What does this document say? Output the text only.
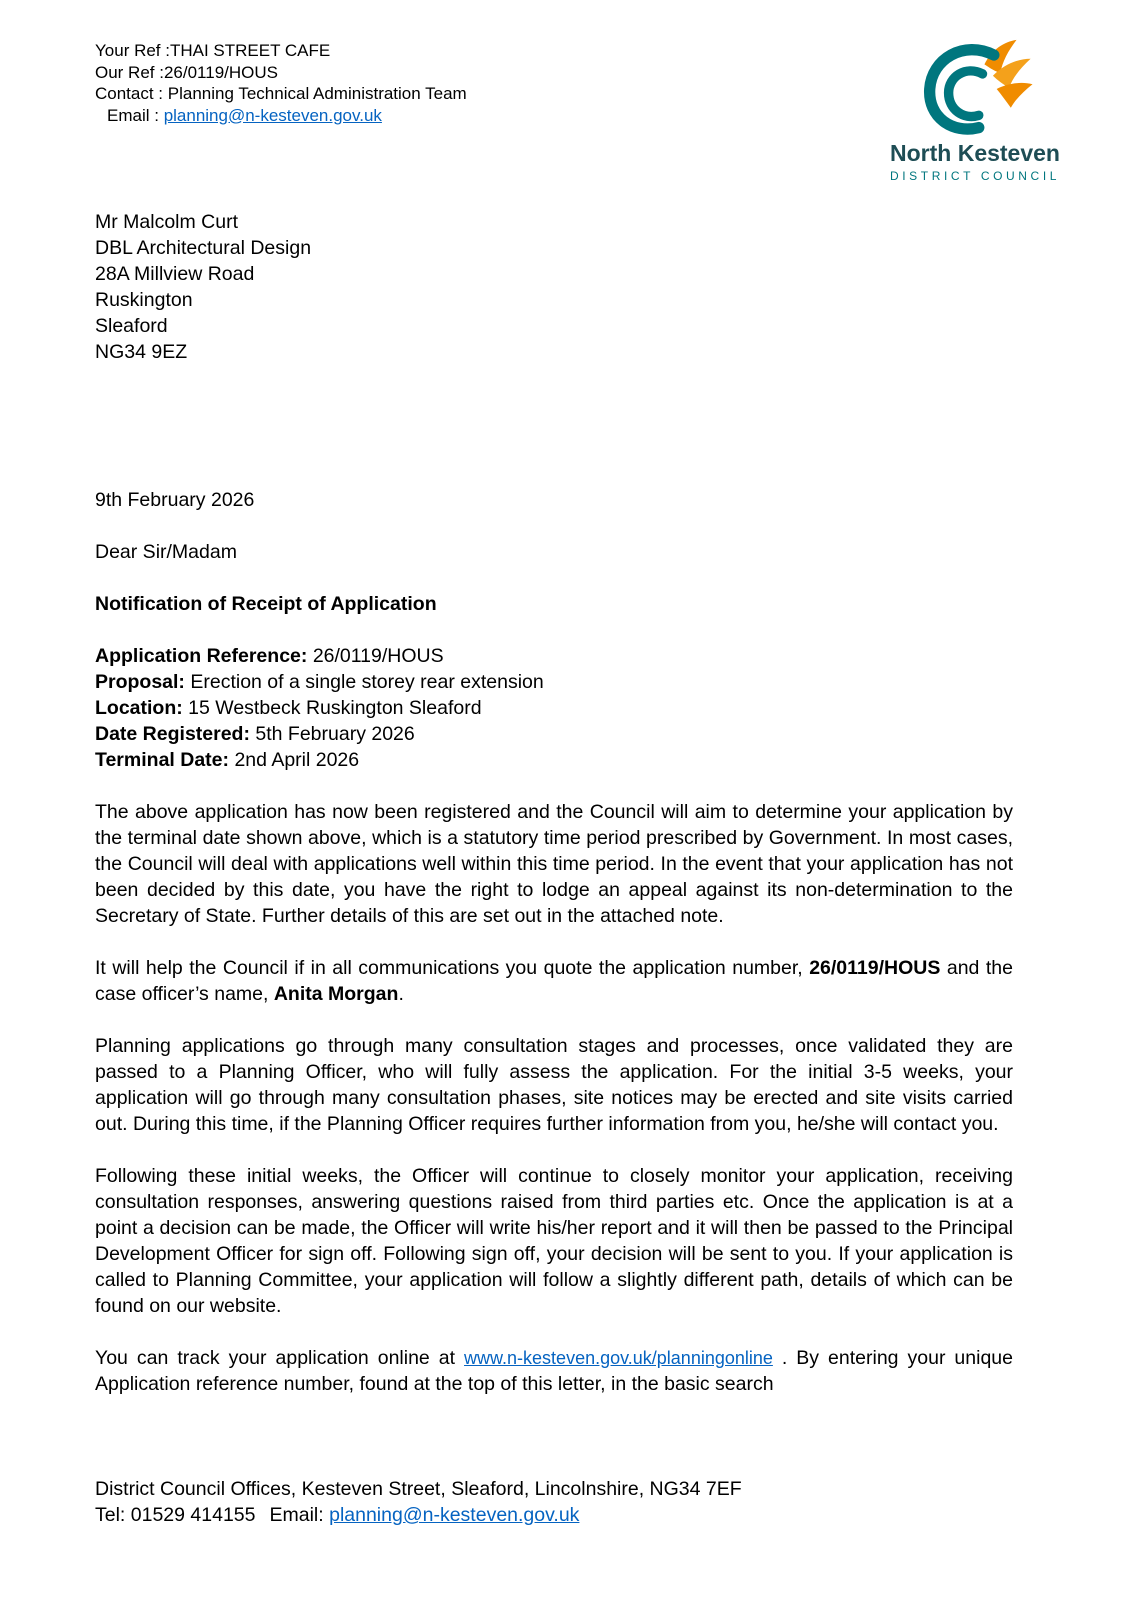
Your Ref :THAI STREET CAFE
Our Ref :26/0119/HOUS
Contact : Planning Technical Administration Team
Email : planning@n-kesteven.gov.uk
North Kesteven
DISTRICT COUNCIL
Mr Malcolm Curt
DBL Architectural Design
28A Millview Road
Ruskington
Sleaford
NG34 9EZ
9th February 2026
Dear Sir/Madam
Notification of Receipt of Application
Application Reference: 26/0119/HOUS
Proposal: Erection of a single storey rear extension
Location: 15 Westbeck Ruskington Sleaford
Date Registered: 5th February 2026
Terminal Date: 2nd April 2026

The above application has now been registered and the Council will aim to determine your application by the terminal date shown above, which is a statutory time period prescribed by Government. In most cases, the Council will deal with applications well within this time period. In the event that your application has not been decided by this date, you have the right to lodge an appeal against its non-determination to the Secretary of State. Further details of this are set out in the attached note.

It will help the Council if in all communications you quote the application number, 26/0119/HOUS and the case officer’s name, Anita Morgan.

Planning applications go through many consultation stages and processes, once validated they are passed to a Planning Officer, who will fully assess the application. For the initial 3-5 weeks, your application will go through many consultation phases, site notices may be erected and site visits carried out. During this time, if the Planning Officer requires further information from you, he/she will contact you.

Following these initial weeks, the Officer will continue to closely monitor your application, receiving consultation responses, answering questions raised from third parties etc. Once the application is at a point a decision can be made, the Officer will write his/her report and it will then be passed to the Principal Development Officer for sign off. Following sign off, your decision will be sent to you. If your application is called to Planning Committee, your application will follow a slightly different path, details of which can be found on our website.

You can track your application online at www.n-kesteven.gov.uk/planningonline . By entering your unique Application reference number, found at the top of this letter, in the basic search

District Council Offices, Kesteven Street, Sleaford, Lincolnshire, NG34 7EF
Tel: 01529 414155 Email: planning@n-kesteven.gov.uk
